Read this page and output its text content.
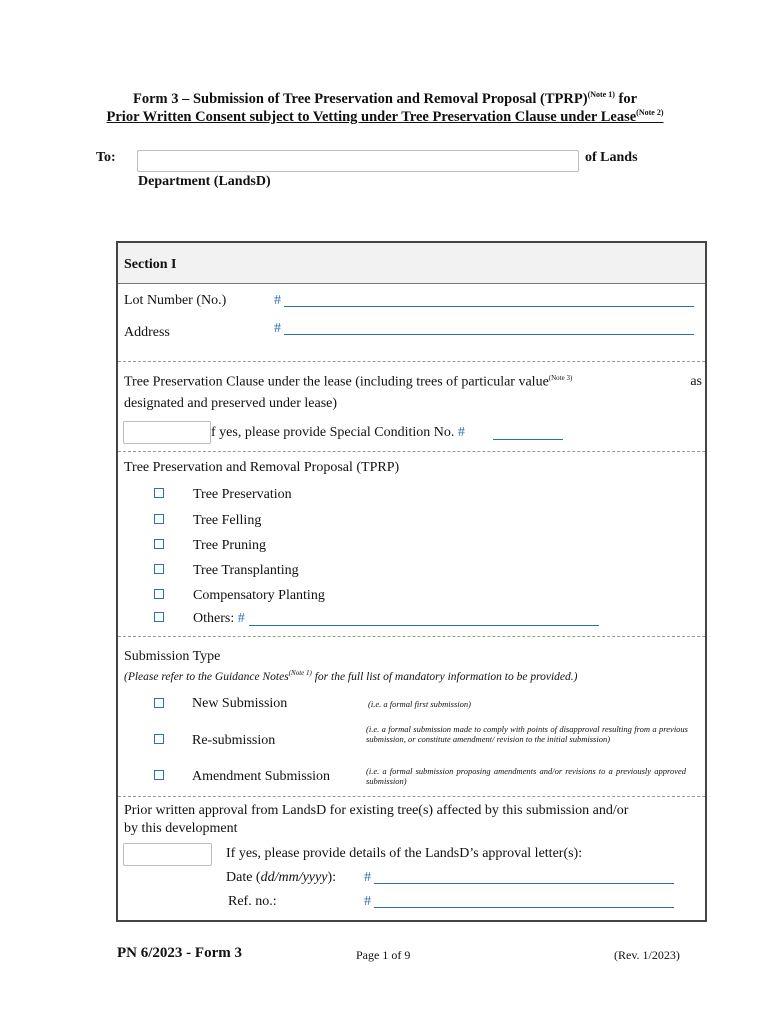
Form 3 – Submission of Tree Preservation and Removal Proposal (TPRP)$^{(Note 1)}$ for
Prior Written Consent subject to Vetting under Tree Preservation Clause under Lease$^{(Note 2)}$
To:	of Lands
Department (LandsD)
Section I
Lot Number (No.)	#
Address	#
Tree Preservation Clause under the lease (including trees of particular value$^{(Note 3)}$	as
designated and preserved under lease)
f yes, please provide Special Condition No. #
Tree Preservation and Removal Proposal (TPRP)
Tree Preservation
Tree Felling
Tree Pruning
Tree Transplanting
Compensatory Planting
Others: #
Submission Type
(Please refer to the Guidance Notes$^{(Note 1)}$ for the full list of mandatory information to be provided.)
New Submission	(i.e. a formal first submission)
Re-submission
(i.e. a formal submission made to comply with points of disapproval resulting from a previous submission, or constitute amendment/ revision to the initial submission)
Amendment Submission	(i.e. a formal submission proposing amendments and/or revisions to a previously approved submission)
Prior written approval from LandsD for existing tree(s) affected by this submission and/or
by this development
If yes, please provide details of the LandsD’s approval letter(s):
Date (dd/mm/yyyy): #
Ref. no.:	#
PN 6/2023 - Form 3	Page 1 of 9	(Rev. 1/2023)
